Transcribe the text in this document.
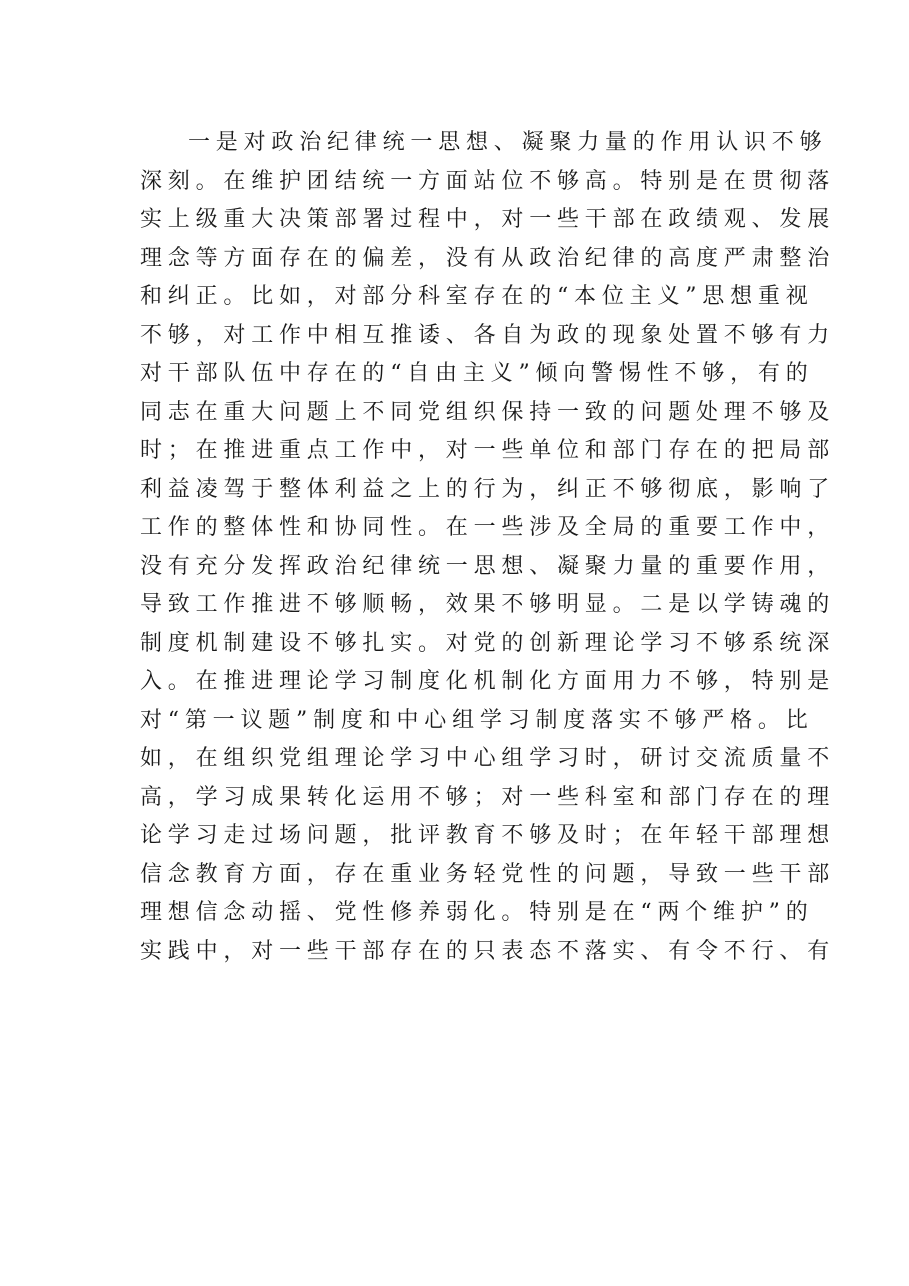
一是对政治纪律统一思想、凝聚力量的作用认识不够
深刻。在维护团结统一方面站位不够高。特别是在贯彻落
实上级重大决策部署过程中，对一些干部在政绩观、发展
理念等方面存在的偏差，没有从政治纪律的高度严肃整治
和纠正。比如，对部分科室存在的“本位主义”思想重视
不够，对工作中相互推诿、各自为政的现象处置不够有力
对干部队伍中存在的“自由主义”倾向警惕性不够，有的
同志在重大问题上不同党组织保持一致的问题处理不够及
时；在推进重点工作中，对一些单位和部门存在的把局部
利益凌驾于整体利益之上的行为，纠正不够彻底，影响了
工作的整体性和协同性。在一些涉及全局的重要工作中，
没有充分发挥政治纪律统一思想、凝聚力量的重要作用，
导致工作推进不够顺畅，效果不够明显。二是以学铸魂的
制度机制建设不够扎实。对党的创新理论学习不够系统深
入。在推进理论学习制度化机制化方面用力不够，特别是
对“第一议题”制度和中心组学习制度落实不够严格。比
如，在组织党组理论学习中心组学习时，研讨交流质量不
高，学习成果转化运用不够；对一些科室和部门存在的理
论学习走过场问题，批评教育不够及时；在年轻干部理想
信念教育方面，存在重业务轻党性的问题，导致一些干部
理想信念动摇、党性修养弱化。特别是在“两个维护”的
实践中，对一些干部存在的只表态不落实、有令不行、有
